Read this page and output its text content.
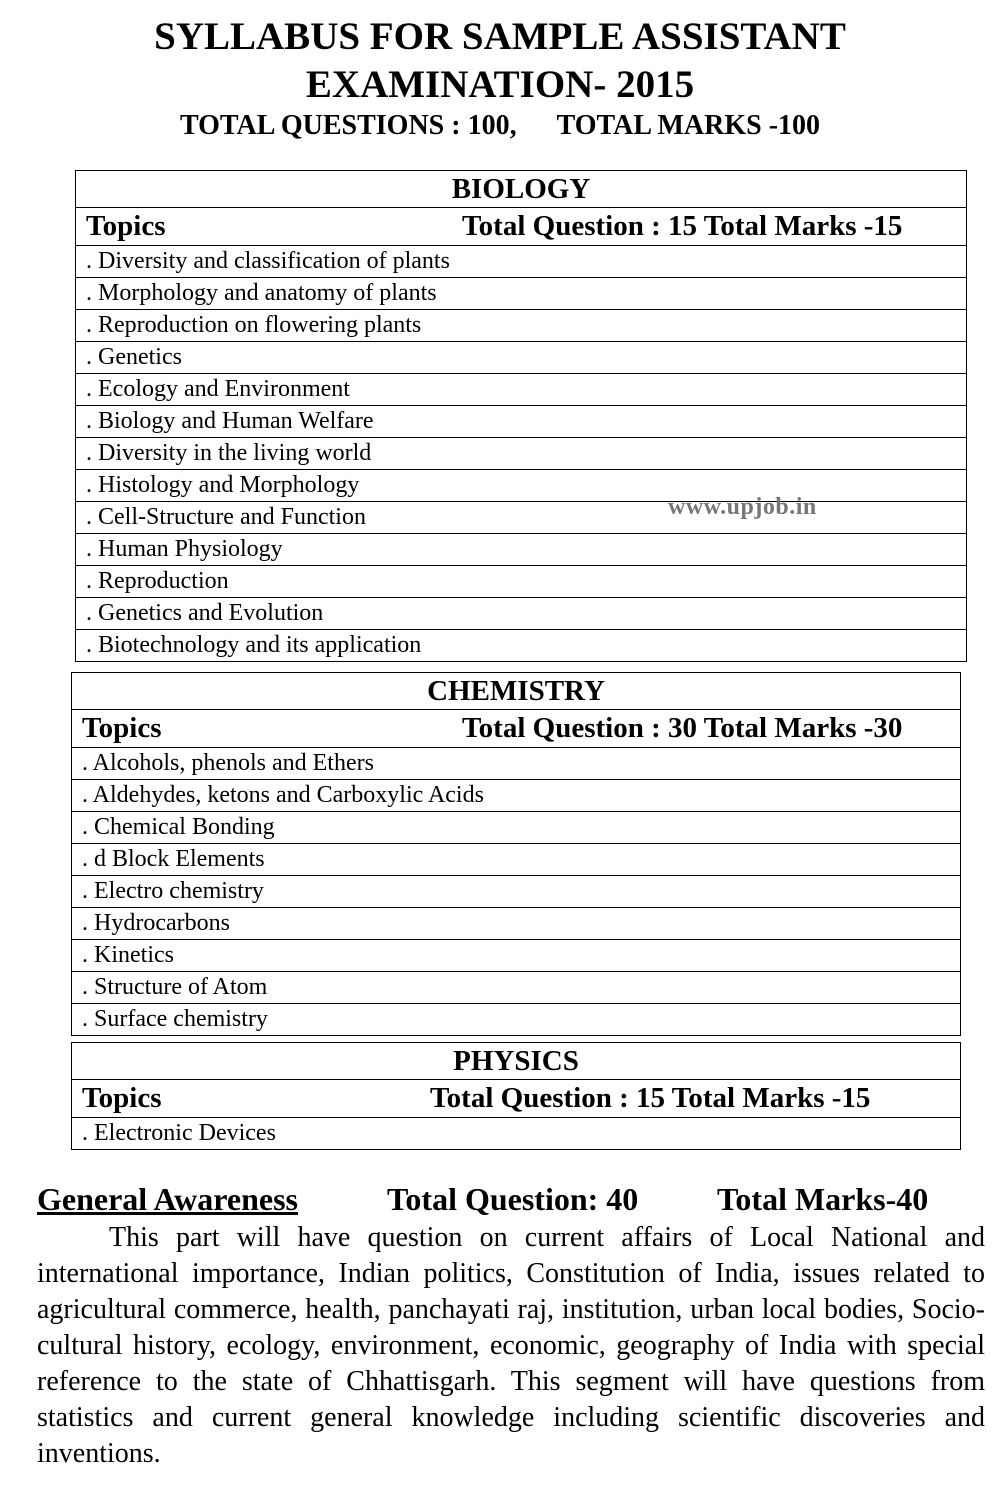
SYLLABUS FOR SAMPLE ASSISTANT
EXAMINATION- 2015
TOTAL QUESTIONS : 100, TOTAL MARKS -100
BIOLOGY
Topics	Total Question : 15 Total Marks -15

. Diversity and classification of plants
. Morphology and anatomy of plants
. Reproduction on flowering plants
. Genetics
. Ecology and Environment
. Biology and Human Welfare
. Diversity in the living world
. Histology and Morphology
. Cell-Structure and Function
. Human Physiology
. Reproduction
. Genetics and Evolution
. Biotechnology and its application
www.upjob.in
CHEMISTRY
Topics	Total Question : 30 Total Marks -30

. Alcohols, phenols and Ethers
. Aldehydes, ketons and Carboxylic Acids
. Chemical Bonding
. d Block Elements
. Electro chemistry
. Hydrocarbons
. Kinetics
. Structure of Atom
. Surface chemistry
PHYSICS
Topics	Total Question : 15 Total Marks -15

. Electronic Devices
General Awareness	Total Question: 40 Total Marks-40

This part will have question on current affairs of Local National and international importance, Indian politics, Constitution of India, issues related to agricultural commerce, health, panchayati raj, institution, urban local bodies, Socio-cultural history, ecology, environment, economic, geography of India with special reference to the state of Chhattisgarh. This segment will have questions from statistics and current general knowledge including scientific discoveries and inventions.
